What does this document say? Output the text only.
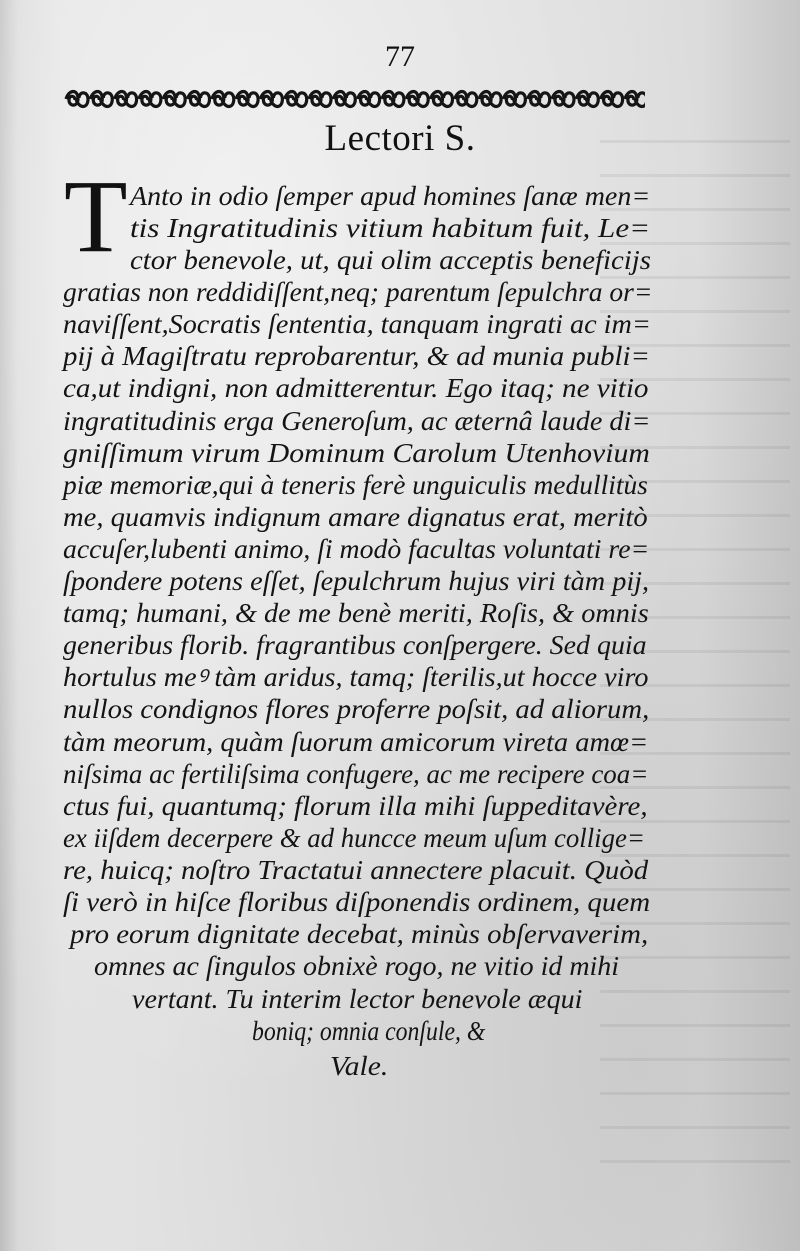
77
Lectori S.
T Anto in odio ſemper apud homines ſanæ men=
tis Ingratitudinis vitium habitum fuit, Le=
ctor benevole, ut, qui olim acceptis beneficijs
gratias non reddidiſſent,neq; parentum ſepulchra or=
naviſſent,Socratis ſententia, tanquam ingrati ac im=
pij à Magiſtratu reprobarentur, & ad munia publi=
ca,ut indigni, non admitterentur. Ego itaq; ne vitio
ingratitudinis erga Generoſum, ac æternâ laude di=
gniſſimum virum Dominum Carolum Utenhovium
piæ memoriæ,qui à teneris ferè unguiculis medullitùs
me, quamvis indignum amare dignatus erat, meritò
accuſer,lubenti animo, ſi modò facultas voluntati re=
ſpondere potens eſſet, ſepulchrum hujus viri tàm pij,
tamq; humani, & de me benè meriti, Roſis, & omnis
generibus florib. fragrantibus conſpergere. Sed quia
hortulus meꝰ tàm aridus, tamq; ſterilis,ut hocce viro
nullos condignos flores proferre poſsit, ad aliorum,
tàm meorum, quàm ſuorum amicorum vireta amœ=
niſsima ac fertiliſsima confugere, ac me recipere coa=
ctus fui, quantumq; florum illa mihi ſuppeditavère,
ex iiſdem decerpere & ad huncce meum uſum collige=
re, huicq; noſtro Tractatui annectere placuit. Quòd
ſi verò in hiſce floribus diſponendis ordinem, quem
pro eorum dignitate decebat, minùs obſervaverim,
omnes ac ſingulos obnixè rogo, ne vitio id mihi
vertant. Tu interim lector benevole æqui
boniq; omnia conſule, &
Vale.
